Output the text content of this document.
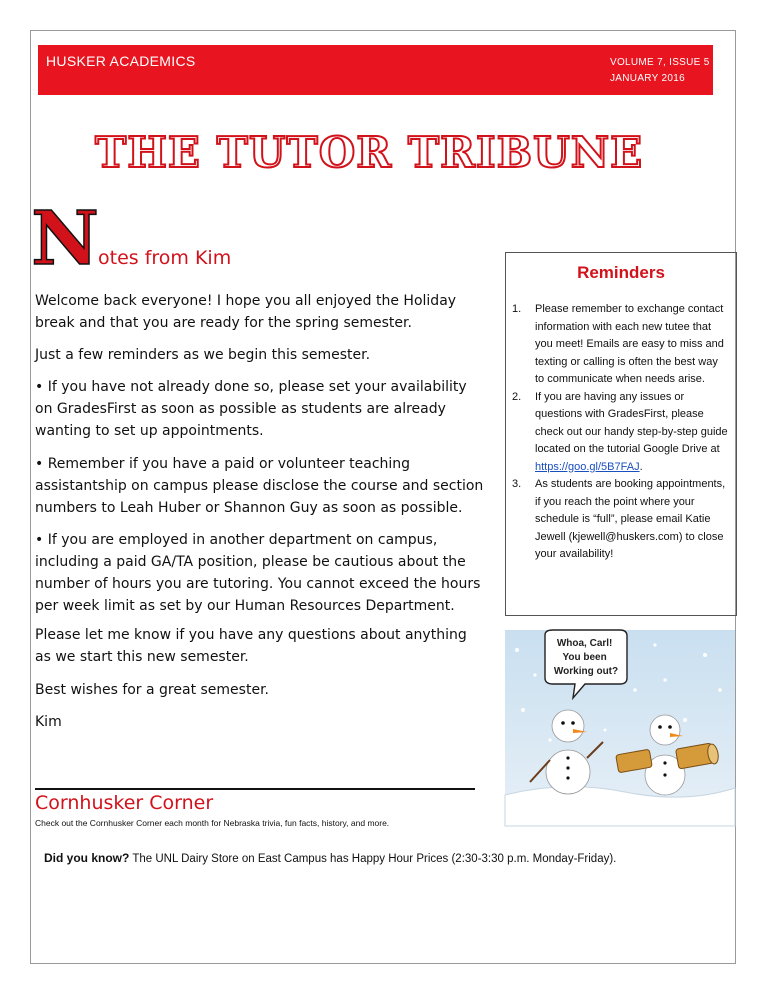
HUSKER ACADEMICS	VOLUME 7, ISSUE 5
JANUARY 2016
THE TUTOR TRIBUNE
N otes from Kim

Welcome back everyone! I hope you all enjoyed the Holiday break and that you are ready for the spring semester.

Just a few reminders as we begin this semester.

• If you have not already done so, please set your availability on GradesFirst as soon as possible as students are already wanting to set up appointments.

• Remember if you have a paid or volunteer teaching assistantship on campus please disclose the course and section numbers to Leah Huber or Shannon Guy as soon as possible.

• If you are employed in another department on campus, including a paid GA/TA position, please be cautious about the number of hours you are tutoring. You cannot exceed the hours per week limit as set by our Human Resources Department.

Please let me know if you have any questions about anything as we start this new semester.

Best wishes for a great semester.

Kim

Reminders
1. Please remember to exchange contact information with each new tutee that you meet! Emails are easy to miss and texting or calling is often the best way to communicate when needs arise.
2. If you are having any issues or questions with GradesFirst, please check out our handy step-by-step guide located on the tutorial Google Drive at https://goo.gl/5B7FAJ.
3. As students are booking appointments, if you reach the point where your schedule is “full”, please email Katie Jewell (kjewell@huskers.com) to close your availability!
Whoa, Carl! You been Working out?
Cornhusker Corner
Check out the Cornhusker Corner each month for Nebraska trivia, fun facts, history, and more.
Did you know? The UNL Dairy Store on East Campus has Happy Hour Prices (2:30-3:30 p.m. Monday-Friday).
